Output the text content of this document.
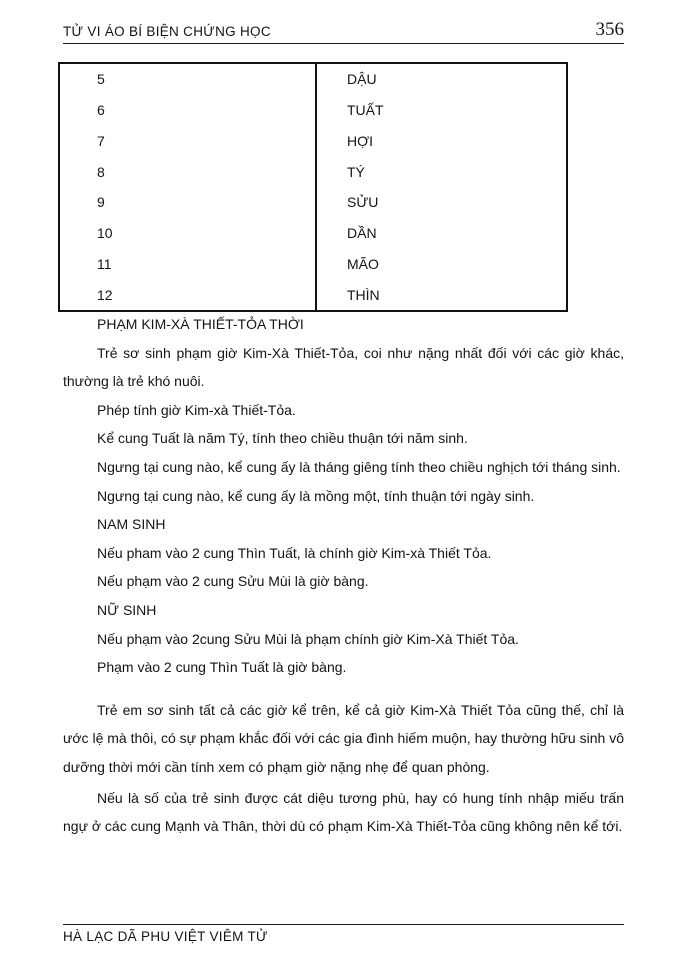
TỬ VI ÁO BÍ BIỆN CHỨNG HỌC	356
5	DẬU
6	TUẤT
7	HỢI
8	TÝ
9	SỬU
10	DẦN
11	MÃO
12	THÌN

PHẠM KIM-XÀ THIẾT-TỎA THỜI

Trẻ sơ sinh phạm giờ Kim-Xà Thiết-Tỏa, coi như nặng nhất đối với các giờ khác, thường là trẻ khó nuôi.

Phép tính giờ Kim-xà Thiết-Tỏa.

Kể cung Tuất là năm Tý, tính theo chiều thuận tới năm sinh.

Ngưng tại cung nào, kể cung ấy là tháng giêng tính theo chiều nghịch tới tháng sinh.

Ngưng tại cung nào, kể cung ấy là mồng một, tính thuận tới ngày sinh.

NAM SINH

Nếu pham vào 2 cung Thìn Tuất, là chính giờ Kim-xà Thiết Tỏa.

Nếu phạm vào 2 cung Sửu Mùi là giờ bàng.

NỮ SINH

Nếu phạm vào 2cung Sửu Mùi là phạm chính giờ Kim-Xà Thiết Tỏa.

Phạm vào 2 cung Thìn Tuất là giờ bàng.

Trẻ em sơ sinh tất cả các giờ kể trên, kể cả giờ Kim-Xà Thiết Tỏa cũng thế, chỉ là ước lệ mà thôi, có sự phạm khắc đối với các gia đình hiếm muộn, hay thường hữu sinh vô dưỡng thời mới cần tính xem có phạm giờ nặng nhẹ để quan phòng.

Nếu là số của trẻ sinh được cát diệu tương phù, hay có hung tính nhập miếu trấn ngự ở các cung Mạnh và Thân, thời dù có phạm Kim-Xà Thiết-Tỏa cũng không nên kể tới.

HÀ LẠC DÃ PHU VIỆT VIÊM TỬ
